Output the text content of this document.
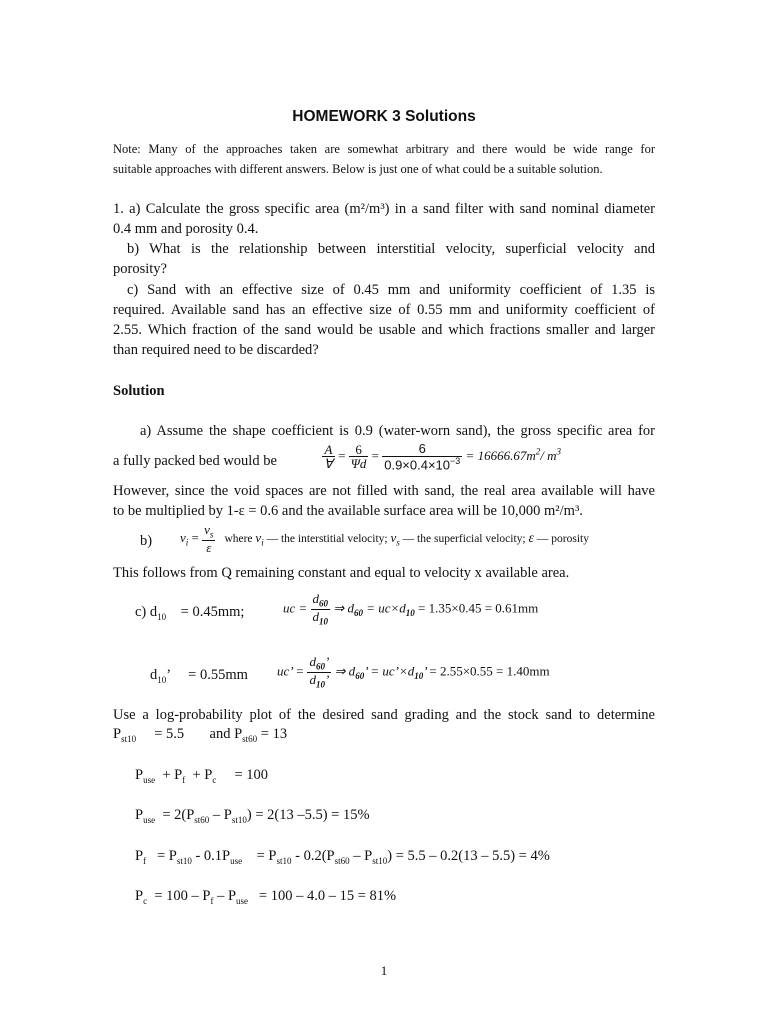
HOMEWORK 3 Solutions
Note: Many of the approaches taken are somewhat arbitrary and there would be wide range for
suitable approaches with different answers. Below is just one of what could be a suitable solution.
1. a) Calculate the gross specific area (m²/m³) in a sand filter with sand nominal diameter
0.4 mm and porosity 0.4.
b) What is the relationship between interstitial velocity, superficial velocity and
porosity?
c) Sand with an effective size of 0.45 mm and uniformity coefficient of 1.35 is
required. Available sand has an effective size of 0.55 mm and uniformity coefficient of
2.55. Which fraction of the sand would be usable and which fractions smaller and larger
than required need to be discarded?
Solution
a) Assume the shape coefficient is 0.9 (water-worn sand), the gross specific area for
a fully packed bed would be	$\frac{A}{\forall} = \frac{6}{\Psi d} = \frac{6}{0.9\times 0.4\times 10^{-3}} = 16666.67m^2/$ $m^3$
However, since the void spaces are not filled with sand, the real area available will have
to be multiplied by 1-ε = 0.6 and the available surface area will be 10,000 m²/m³.
b) $v_i = \frac{v_s}{\varepsilon}$ where $v_i$ — the interstitial velocity; $v_s$ — the superficial velocity; ε — porosity
This follows from Q remaining constant and equal to velocity x available area.
c) $d_{10} = 0.45mm$;	uc = $\frac{d_{60}}{d_{10}}$ ⇒ $d_{60} = uc\times d_{10} = 1.35\times 0.45 = 0.61mm$
$d_{10}$’     = 0.55mm uc’ = $\frac{d_{60}’}{d_{10}’}$ ⇒ $d_{60}$’ = $uc’\times d_{10}$’ = 2.55×0.55 = 1.40mm
Use a log-probability plot of the desired sand grading and the stock sand to determine
$P_{st10} = 5.5$ and $P_{st60} = 13$
$P_{use} + P_f + P_c = 100$
$P_{use} = 2(P_{st60} - P_{st10}) = 2(13$ –5.5) = 15%
$P_f = P_{st10} - 0.1P_{use} = P_{st10} - 0.2(P_{st60} - P_{st10}) = 5.5 - 0.2(13 - 5.5) = 4\%$
$P_c = 100 - P_f - P_{use} = 100 - 4.0 - 15 = 81\%$
1
